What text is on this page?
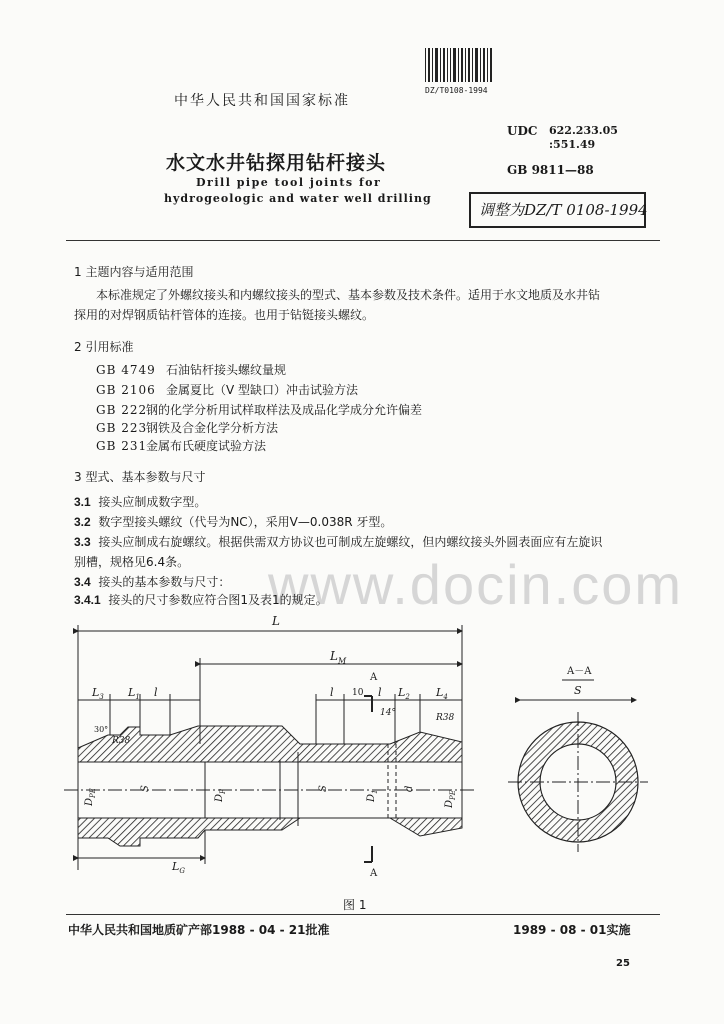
www.docin.com
中华人民共和国国家标准
DZ/T0108-1994
水文水井钻探用钻杆接头
Drill pipe tool joints for
hydrogeologic and water well drilling
UDC 622.233.05
:551.49
GB 9811—88
调整为DZ/T 0108-1994
1 主题内容与适用范围
本标准规定了外螺纹接头和内螺纹接头的型式、基本参数及技术条件。适用于水文地质及水井钻
探用的对焊钢质钻杆管体的连接。也用于钻铤接头螺纹。
2 引用标准
GB 4749 石油钻杆接头螺纹量规
GB 2106 金属夏比（V 型缺口）冲击试验方法
GB 222钢的化学分析用试样取样法及成品化学成分允许偏差
GB 223钢铁及合金化学分析方法
GB 231金属布氏硬度试验方法
3 型式、基本参数与尺寸
3.1 接头应制成数字型。
3.2 数字型接头螺纹（代号为NC），采用V—0.038R 牙型。
3.3 接头应制成右旋螺纹。根据供需双方协议也可制成左旋螺纹，但内螺纹接头外圆表面应有左旋识
别槽，规格见6.4条。
3.4 接头的基本参数与尺寸：
3.4.1 接头的尺寸参数应符合图1及表1的规定。
L
$L_M$
A
A
$L_3$ $L_1$ l	l 10 l $L_2$ $L_4$
14°
30°
R38
R38
$D_{PE}$	S
$D_F$	S
$D_1$	d
$D_{PE}$
$L_G$
A－A
S
图 1
中华人民共和国地质矿产部1988 - 04 - 21批准	1989 - 08 - 01实施
25
